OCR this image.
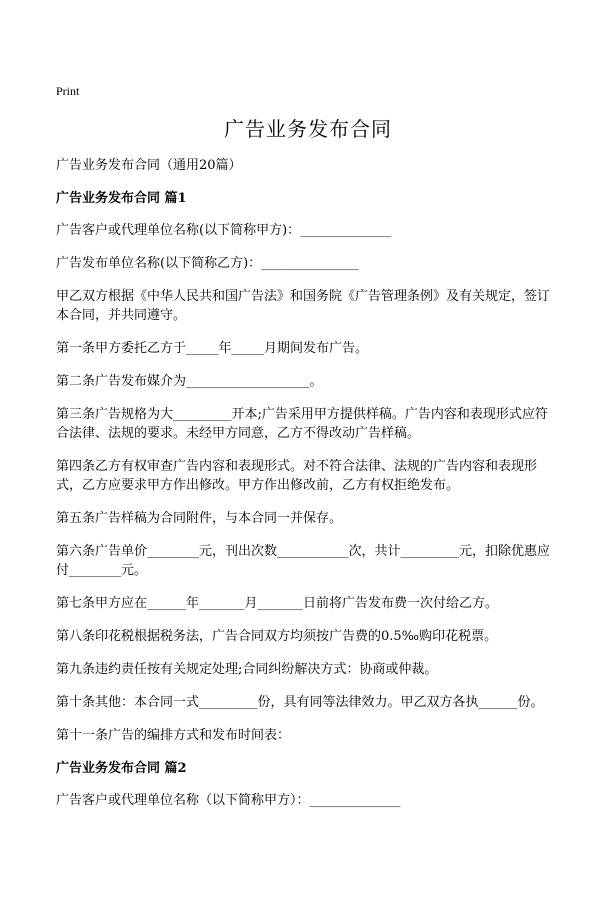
Print
广告业务发布合同

广告业务发布合同（通用20篇）

广告业务发布合同 篇1

广告客户或代理单位名称(以下简称甲方)：______________

广告发布单位名称(以下简称乙方)：_______________

甲乙双方根据《中华人民共和国广告法》和国务院《广告管理条例》及有关规定，签订本合同，并共同遵守。

第一条甲方委托乙方于_____年_____月期间发布广告。

第二条广告发布媒介为___________________。

第三条广告规格为大_________开本;广告采用甲方提供样稿。广告内容和表现形式应符合法律、法规的要求。未经甲方同意，乙方不得改动广告样稿。

第四条乙方有权审查广告内容和表现形式。对不符合法律、法规的广告内容和表现形式，乙方应要求甲方作出修改。甲方作出修改前，乙方有权拒绝发布。

第五条广告样稿为合同附件，与本合同一并保存。

第六条广告单价________元，刊出次数___________次，共计_________元，扣除优惠应付________元。

第七条甲方应在______年_______月_______日前将广告发布费一次付给乙方。

第八条印花税根据税务法，广告合同双方均须按广告费的0.5‰购印花税票。

第九条违约责任按有关规定处理;合同纠纷解决方式：协商或仲裁。

第十条其他：本合同一式_________份，具有同等法律效力。甲乙双方各执______份。

第十一条广告的编排方式和发布时间表：

广告业务发布合同 篇2

广告客户或代理单位名称（以下简称甲方）：______________
